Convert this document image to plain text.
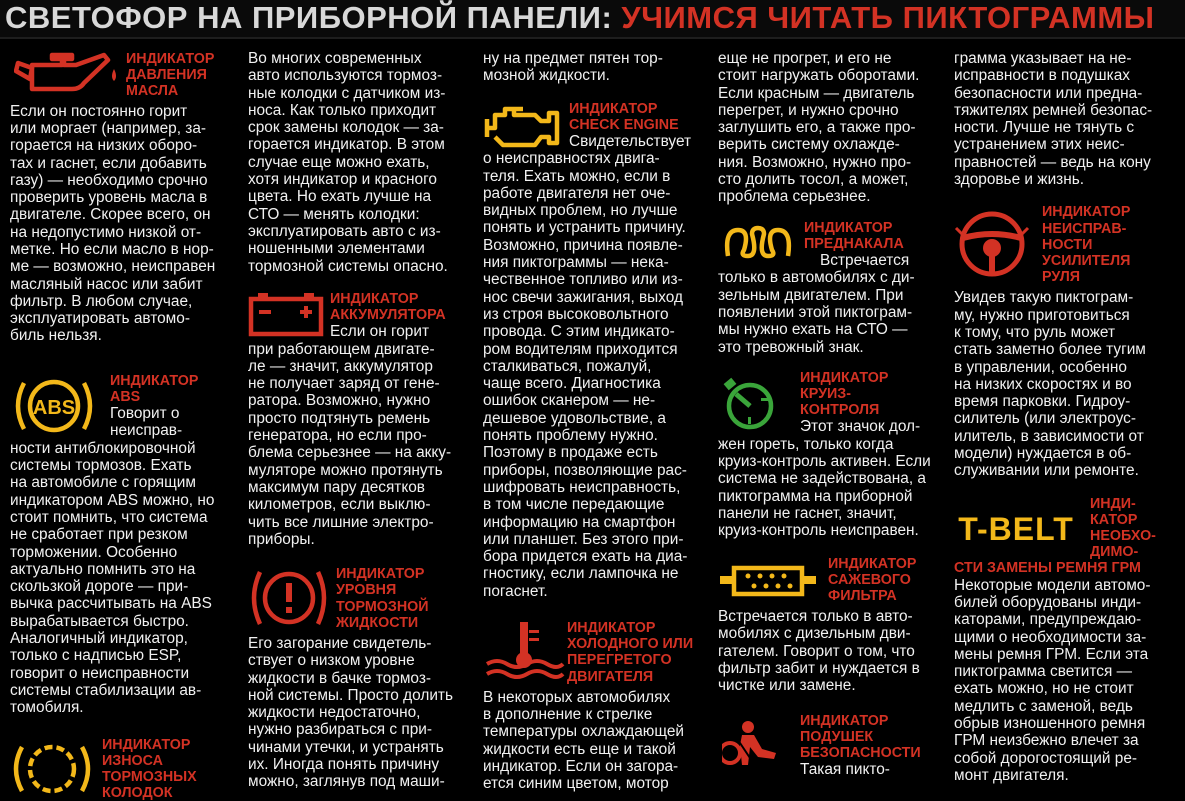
СВЕТОФОР НА ПРИБОРНОЙ ПАНЕЛИ: УЧИМСЯ ЧИТАТЬ ПИКТОГРАММЫ
ИНДИКАТОР
ДАВЛЕНИЯ
МАСЛА

Если он постоянно горит
или моргает (например, за-
горается на низких оборо-
тах и гаснет, если добавить
газу) — необходимо срочно
проверить уровень масла в
двигателе. Скорее всего, он
на недопустимо низкой от-
метке. Но если масло в нор-
ме — возможно, неисправен
масляный насос или забит
фильтр. В любом случае,
эксплуатировать автомо-
биль нельзя.

ABS
ИНДИКАТОР
ABS

Говорит о
неисправ-

ности антиблокировочной
системы тормозов. Ехать
на автомобиле с горящим
индикатором ABS можно, но
стоит помнить, что система
не сработает при резком
торможении. Особенно
актуально помнить это на
скользкой дороге — при-
вычка рассчитывать на ABS
вырабатывается быстро.
Аналогичный индикатор,
только с надписью ESP,
говорит о неисправности
системы стабилизации ав-
томобиля.

ИНДИКАТОР
ИЗНОСА
ТОРМОЗНЫХ
КОЛОДОК

Во многих современных
авто используются тормоз-
ные колодки с датчиком из-
носа. Как только приходит
срок замены колодок — за-
горается индикатор. В этом
случае еще можно ехать,
хотя индикатор и красного
цвета. Но ехать лучше на
СТО — менять колодки:
эксплуатировать авто с из-
ношенными элементами
тормозной системы опасно.

ИНДИКАТОР
АККУМУЛЯТОРА

Если он горит

при работающем двигате-
ле — значит, аккумулятор
не получает заряд от гене-
ратора. Возможно, нужно
просто подтянуть ремень
генератора, но если про-
блема серьезнее — на акку-
муляторе можно протянуть
максимум пару десятков
километров, если выклю-
чить все лишние электро-
приборы.

ИНДИКАТОР
УРОВНЯ
ТОРМОЗНОЙ
ЖИДКОСТИ

Его загорание свидетель-
ствует о низком уровне
жидкости в бачке тормоз-
ной системы. Просто долить
жидкости недостаточно,
нужно разбираться с при-
чинами утечки, и устранять
их. Иногда понять причину
можно, заглянув под маши-

ну на предмет пятен тор-
мозной жидкости.

ИНДИКАТОР
CHECK ENGINE

Свидетельствует

о неисправностях двига-
теля. Ехать можно, если в
работе двигателя нет оче-
видных проблем, но лучше
понять и устранить причину.
Возможно, причина появле-
ния пиктограммы — нека-
чественное топливо или из-
нос свечи зажигания, выход
из строя высоковольтного
провода. С этим индикато-
ром водителям приходится
сталкиваться, пожалуй,
чаще всего. Диагностика
ошибок сканером — не-
дешевое удовольствие, а
понять проблему нужно.
Поэтому в продаже есть
приборы, позволяющие рас-
шифровать неисправность,
в том числе передающие
информацию на смартфон
или планшет. Без этого при-
бора придется ехать на диа-
гностику, если лампочка не
погаснет.

ИНДИКАТОР
ХОЛОДНОГО ИЛИ
ПЕРЕГРЕТОГО
ДВИГАТЕЛЯ

В некоторых автомобилях
в дополнение к стрелке
температуры охлаждающей
жидкости есть еще и такой
индикатор. Если он загора-
ется синим цветом, мотор

еще не прогрет, и его не
стоит нагружать оборотами.
Если красным — двигатель
перегрет, и нужно срочно
заглушить его, а также про-
верить систему охлажде-
ния. Возможно, нужно про-
сто долить тосол, а может,
проблема серьезнее.

ИНДИКАТОР
ПРЕДНАКАЛА

Встречается

только в автомобилях с ди-
зельным двигателем. При
появлении этой пиктограм-
мы нужно ехать на СТО —
это тревожный знак.

ИНДИКАТОР
КРУИЗ-
КОНТРОЛЯ

Этот значок дол-

жен гореть, только когда
круиз-контроль активен. Если
система не задействована, а
пиктограмма на приборной
панели не гаснет, значит,
круиз-контроль неисправен.

ИНДИКАТОР
САЖЕВОГО
ФИЛЬТРА

Встречается только в авто-
мобилях с дизельным дви-
гателем. Говорит о том, что
фильтр забит и нуждается в
чистке или замене.

ИНДИКАТОР
ПОДУШЕК
БЕЗОПАСНОСТИ

Такая пикто-

грамма указывает на не-
исправности в подушках
безопасности или предна-
тяжителях ремней безопас-
ности. Лучше не тянуть с
устранением этих неис-
правностей — ведь на кону
здоровье и жизнь.

ИНДИКАТОР
НЕИСПРАВ-
НОСТИ
УСИЛИТЕЛЯ
РУЛЯ

Увидев такую пиктограм-
му, нужно приготовиться
к тому, что руль может
стать заметно более тугим
в управлении, особенно
на низких скоростях и во
время парковки. Гидроу-
силитель (или электроус-
илитель, в зависимости от
модели) нуждается в об-
служивании или ремонте.

T-BELT
ИНДИ-
КАТОР
НЕОБХО-
ДИМО-
СТИ ЗАМЕНЫ РЕМНЯ ГРМ

Некоторые модели автомо-
билей оборудованы инди-
каторами, предупреждаю-
щими о необходимости за-
мены ремня ГРМ. Если эта
пиктограмма светится —
ехать можно, но не стоит
медлить с заменой, ведь
обрыв изношенного ремня
ГРМ неизбежно влечет за
собой дорогостоящий ре-
монт двигателя.
